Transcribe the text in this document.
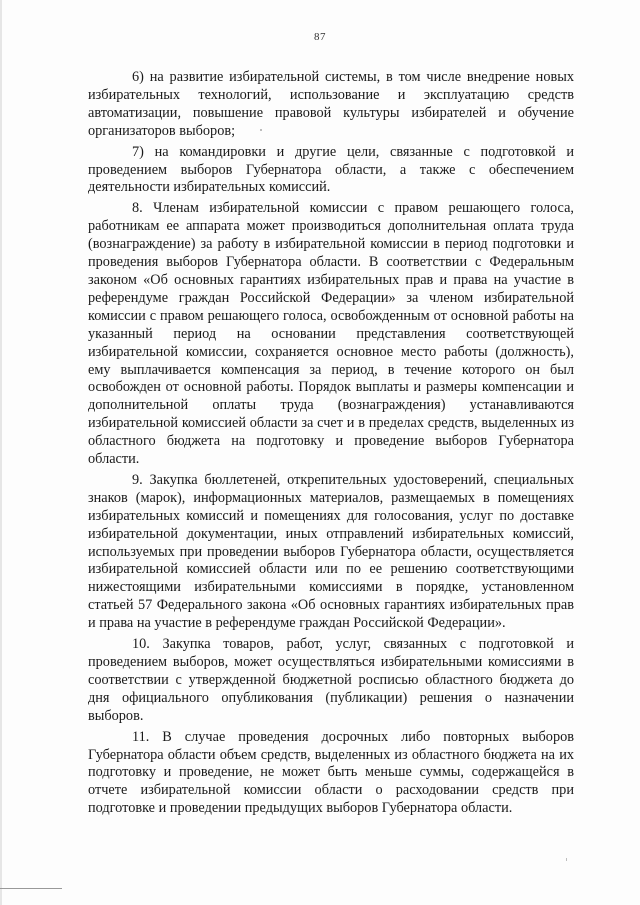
87

6) на развитие избирательной системы, в том числе внедрение новых избирательных технологий, использование и эксплуатацию средств автоматизации, повышение правовой культуры избирателей и обучение организаторов выборов;

7) на командировки и другие цели, связанные с подготовкой и проведением выборов Губернатора области, а также с обеспечением деятельности избирательных комиссий.

8. Членам избирательной комиссии с правом решающего голоса, работникам ее аппарата может производиться дополнительная оплата труда (вознаграждение) за работу в избирательной комиссии в период подготовки и проведения выборов Губернатора области. В соответствии с Федеральным законом «Об основных гарантиях избирательных прав и права на участие в референдуме граждан Российской Федерации» за членом избирательной комиссии с правом решающего голоса, освобожденным от основной работы на указанный период на основании представления соответствующей избирательной комиссии, сохраняется основное место работы (должность), ему выплачивается компенсация за период, в течение которого он был освобожден от основной работы. Порядок выплаты и размеры компенсации и дополнительной оплаты труда (вознаграждения) устанавливаются избирательной комиссией области за счет и в пределах средств, выделенных из областного бюджета на подготовку и проведение выборов Губернатора области.

9. Закупка бюллетеней, открепительных удостоверений, специальных знаков (марок), информационных материалов, размещаемых в помещениях избирательных комиссий и помещениях для голосования, услуг по доставке избирательной документации, иных отправлений избирательных комиссий, используемых при проведении выборов Губернатора области, осуществляется избирательной комиссией области или по ее решению соответствующими нижестоящими избирательными комиссиями в порядке, установленном статьей 57 Федерального закона «Об основных гарантиях избирательных прав и права на участие в референдуме граждан Российской Федерации».

10. Закупка товаров, работ, услуг, связанных с подготовкой и проведением выборов, может осуществляться избирательными комиссиями в соответствии с утвержденной бюджетной росписью областного бюджета до дня официального опубликования (публикации) решения о назначении выборов.

11. В случае проведения досрочных либо повторных выборов Губернатора области объем средств, выделенных из областного бюджета на их подготовку и проведение, не может быть меньше суммы, содержащейся в отчете избирательной комиссии области о расходовании средств при подготовке и проведении предыдущих выборов Губернатора области.
